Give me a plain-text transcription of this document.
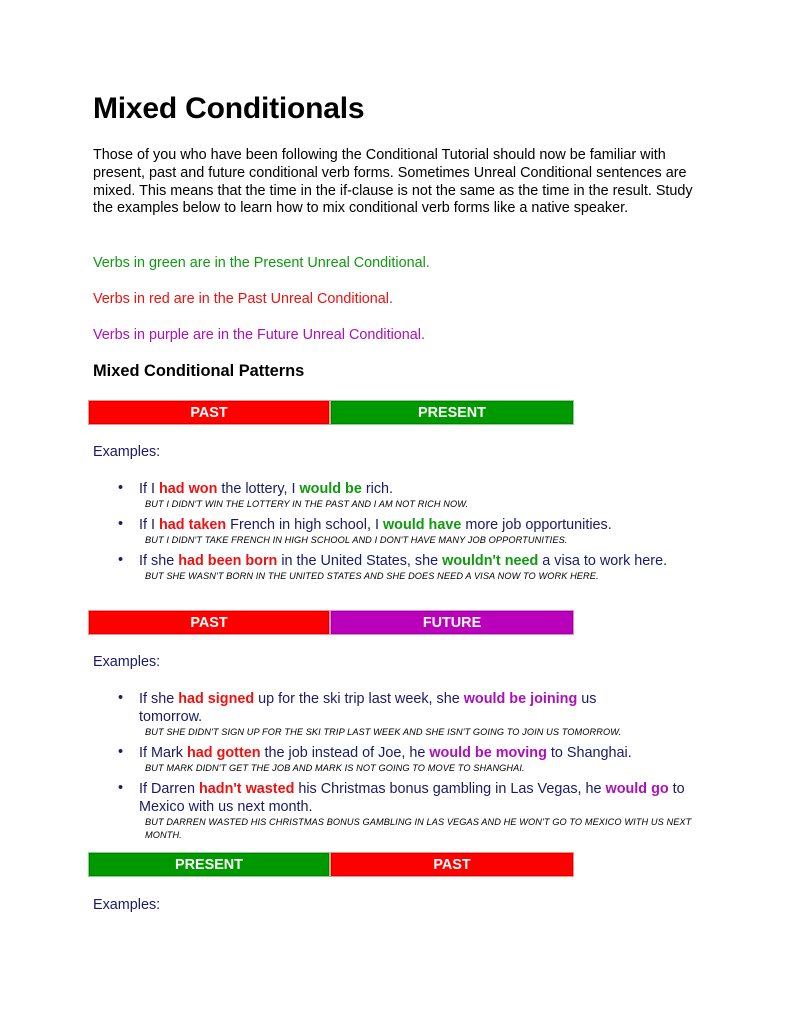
Mixed Conditionals

Those of you who have been following the Conditional Tutorial should now be familiar with present, past and future conditional verb forms. Sometimes Unreal Conditional sentences are mixed. This means that the time in the if-clause is not the same as the time in the result. Study the examples below to learn how to mix conditional verb forms like a native speaker.

Verbs in green are in the Present Unreal Conditional.

Verbs in red are in the Past Unreal Conditional.

Verbs in purple are in the Future Unreal Conditional.

Mixed Conditional Patterns
PAST	PRESENT

Examples:

• If I had won the lottery, I would be rich.
BUT I DIDN'T WIN THE LOTTERY IN THE PAST AND I AM NOT RICH NOW.
• If I had taken French in high school, I would have more job opportunities.
BUT I DIDN'T TAKE FRENCH IN HIGH SCHOOL AND I DON'T HAVE MANY JOB OPPORTUNITIES.
• If she had been born in the United States, she wouldn't need a visa to work here.
BUT SHE WASN'T BORN IN THE UNITED STATES AND SHE DOES NEED A VISA NOW TO WORK HERE.
PAST	FUTURE

Examples:

• If she had signed up for the ski trip last week, she would be joining us tomorrow.
BUT SHE DIDN'T SIGN UP FOR THE SKI TRIP LAST WEEK AND SHE ISN'T GOING TO JOIN US TOMORROW.
• If Mark had gotten the job instead of Joe, he would be moving to Shanghai.
BUT MARK DIDN'T GET THE JOB AND MARK IS NOT GOING TO MOVE TO SHANGHAI.
• If Darren hadn't wasted his Christmas bonus gambling in Las Vegas, he would go to Mexico with us next month.
BUT DARREN WASTED HIS CHRISTMAS BONUS GAMBLING IN LAS VEGAS AND HE WON'T GO TO MEXICO WITH US NEXT MONTH.
PRESENT	PAST

Examples:
